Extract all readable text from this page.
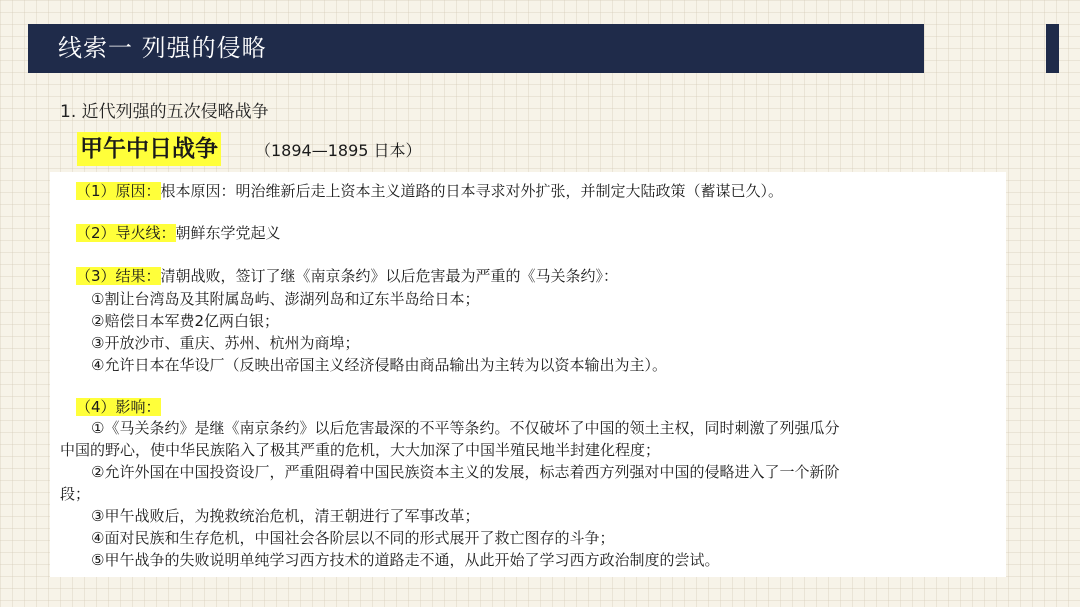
线索一 列强的侵略
1. 近代列强的五次侵略战争
甲午中日战争 （1894—1895 日本）
（1）原因：根本原因：明治维新后走上资本主义道路的日本寻求对外扩张，并制定大陆政策（蓄谋已久）。
（2）导火线：朝鲜东学党起义
（3）结果：清朝战败，签订了继《南京条约》以后危害最为严重的《马关条约》：
①割让台湾岛及其附属岛屿、澎湖列岛和辽东半岛给日本；
②赔偿日本军费2亿两白银；
③开放沙市、重庆、苏州、杭州为商埠；
④允许日本在华设厂（反映出帝国主义经济侵略由商品输出为主转为以资本输出为主）。
（4）影响：
①《马关条约》是继《南京条约》以后危害最深的不平等条约。不仅破坏了中国的领土主权，同时刺激了列强瓜分
中国的野心，使中华民族陷入了极其严重的危机，大大加深了中国半殖民地半封建化程度；
②允许外国在中国投资设厂，严重阻碍着中国民族资本主义的发展，标志着西方列强对中国的侵略进入了一个新阶
段；
③甲午战败后，为挽救统治危机，清王朝进行了军事改革；
④面对民族和生存危机，中国社会各阶层以不同的形式展开了救亡图存的斗争；
⑤甲午战争的失败说明单纯学习西方技术的道路走不通，从此开始了学习西方政治制度的尝试。
